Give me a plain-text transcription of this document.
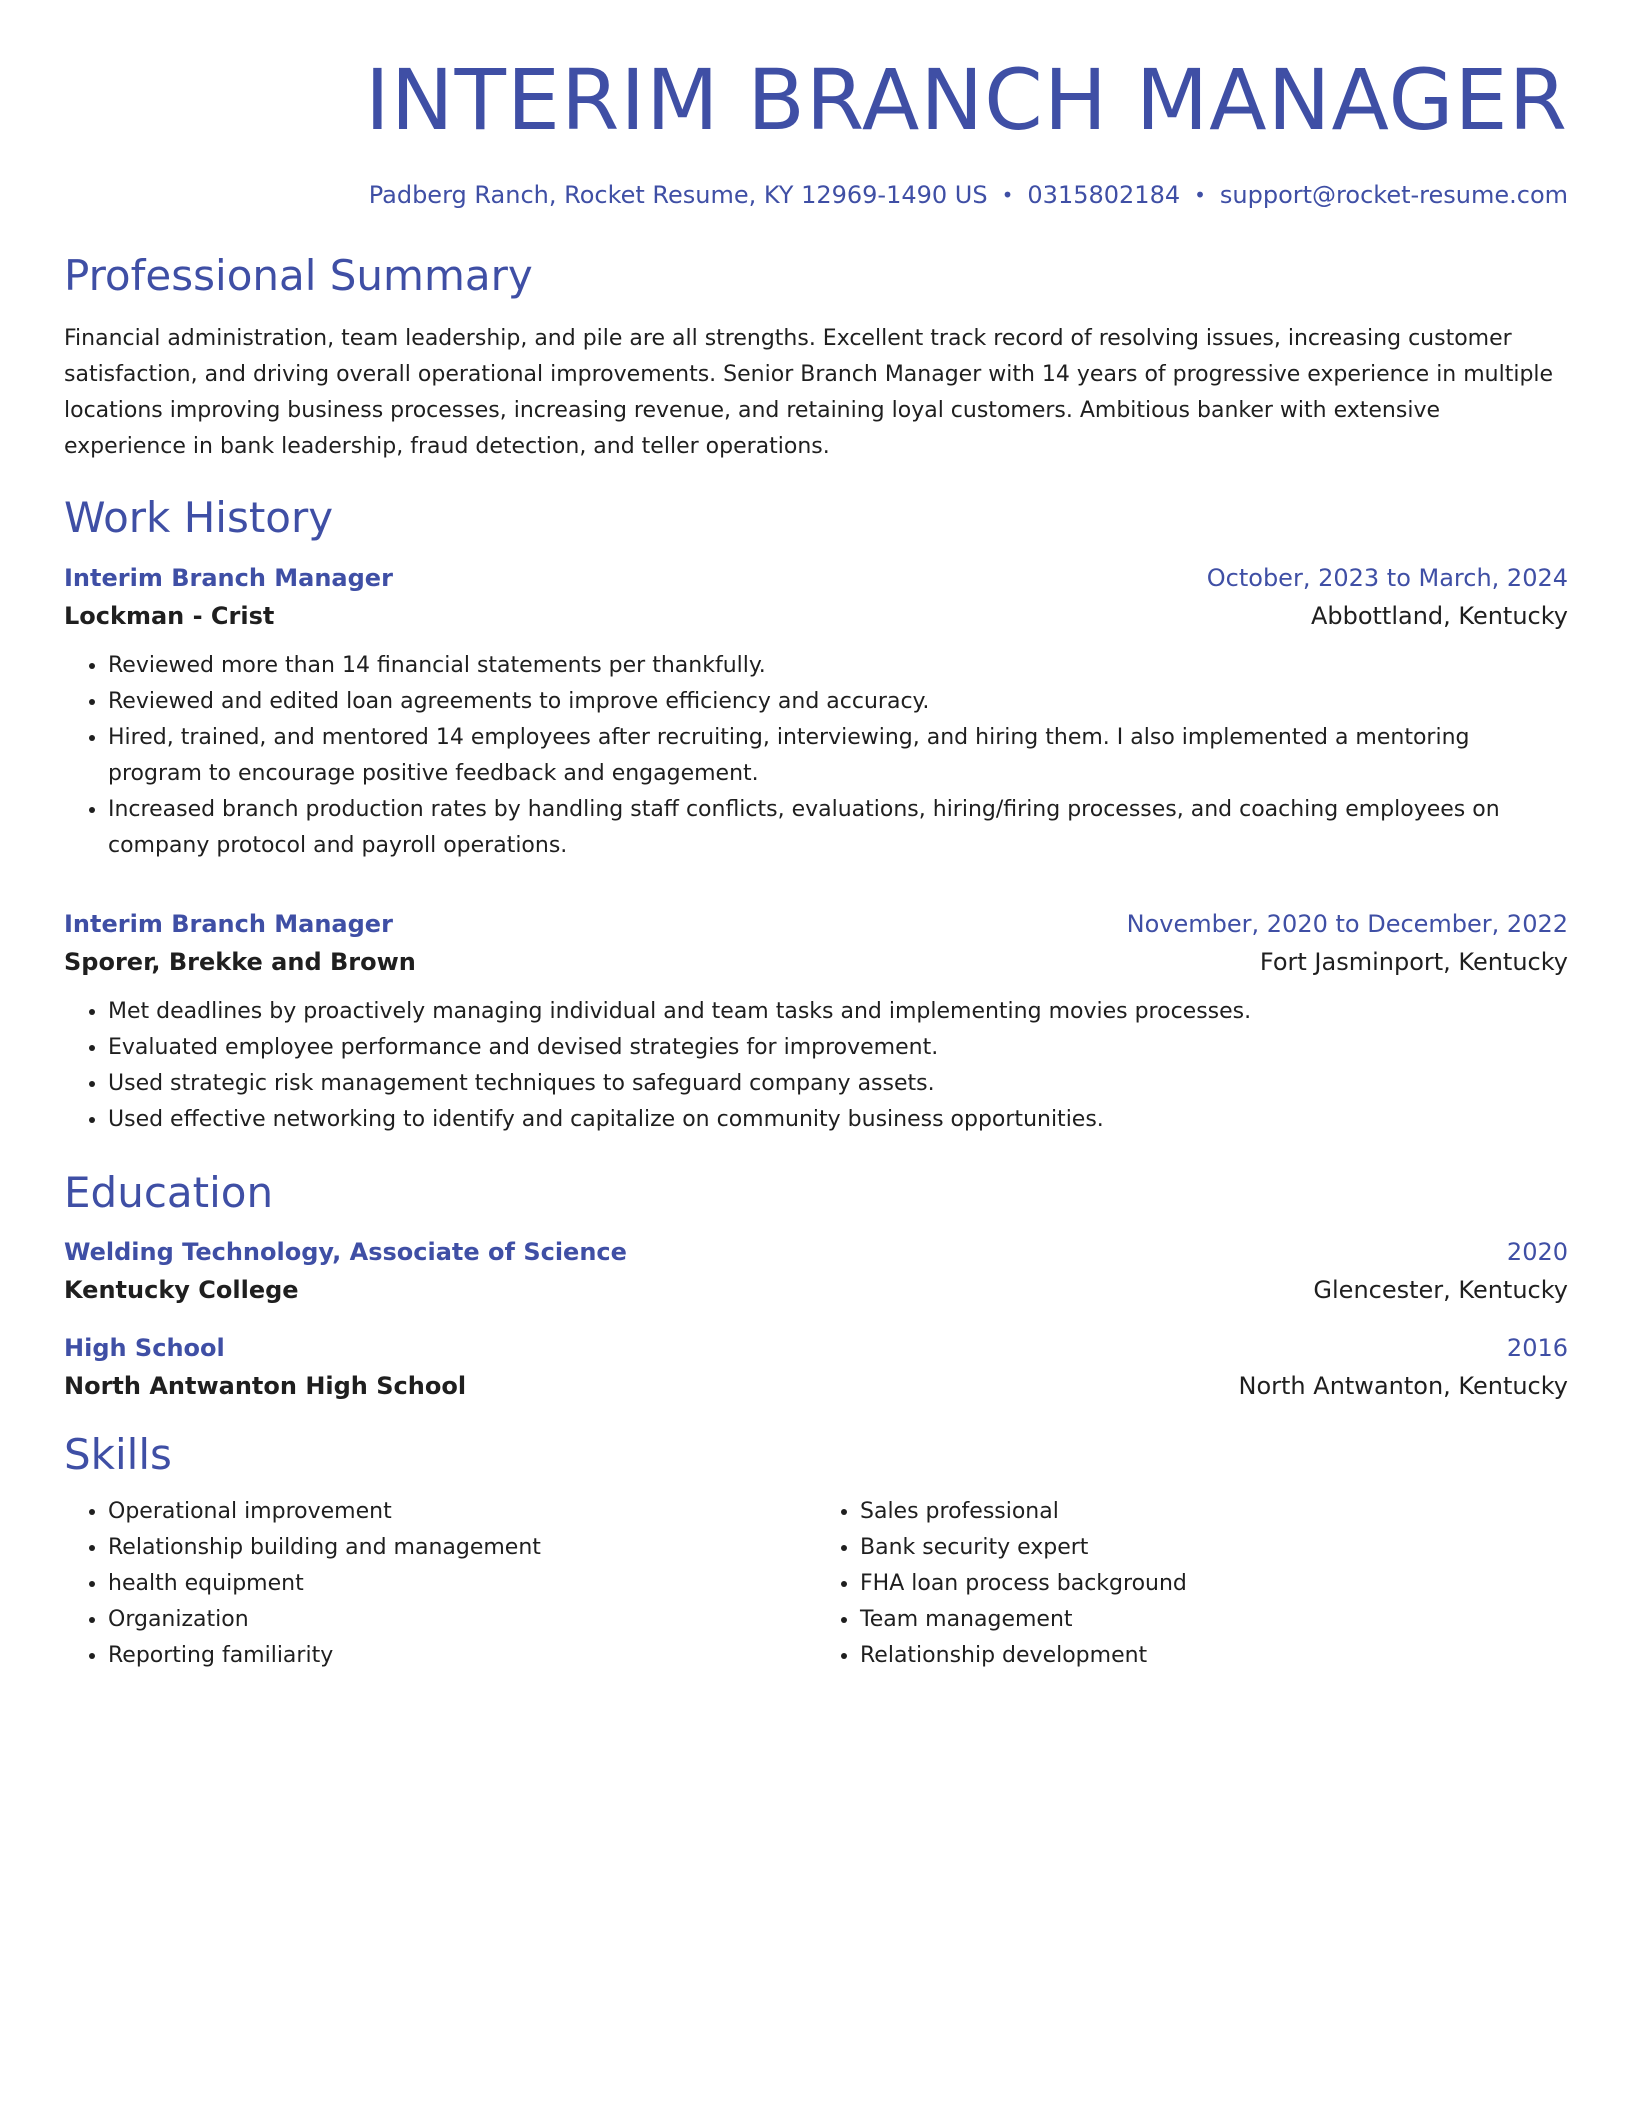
INTERIM BRANCH MANAGER
Padberg Ranch, Rocket Resume, KY 12969-1490 US • 0315802184 • support@rocket-resume.com
Professional Summary
Financial administration, team leadership, and pile are all strengths. Excellent track record of resolving issues, increasing customer satisfaction, and driving overall operational improvements. Senior Branch Manager with 14 years of progressive experience in multiple locations improving business processes, increasing revenue, and retaining loyal customers. Ambitious banker with extensive experience in bank leadership, fraud detection, and teller operations.
Work History
Interim Branch Manager	October, 2023 to March, 2024
Lockman - Crist	Abbottland, Kentucky
• Reviewed more than 14 financial statements per thankfully.
• Reviewed and edited loan agreements to improve efficiency and accuracy.
• Hired, trained, and mentored 14 employees after recruiting, interviewing, and hiring them. I also implemented a mentoring program to encourage positive feedback and engagement.
• Increased branch production rates by handling staff conflicts, evaluations, hiring/firing processes, and coaching employees on company protocol and payroll operations.
Interim Branch Manager	November, 2020 to December, 2022
Sporer, Brekke and Brown	Fort Jasminport, Kentucky
• Met deadlines by proactively managing individual and team tasks and implementing movies processes.
• Evaluated employee performance and devised strategies for improvement.
• Used strategic risk management techniques to safeguard company assets.
• Used effective networking to identify and capitalize on community business opportunities.
Education
Welding Technology, Associate of Science	2020
Kentucky College	Glencester, Kentucky
High School	2016
North Antwanton High School	North Antwanton, Kentucky
Skills
• Operational improvement
• Relationship building and management
• health equipment
• Organization
• Reporting familiarity
• Sales professional
• Bank security expert
• FHA loan process background
• Team management
• Relationship development
